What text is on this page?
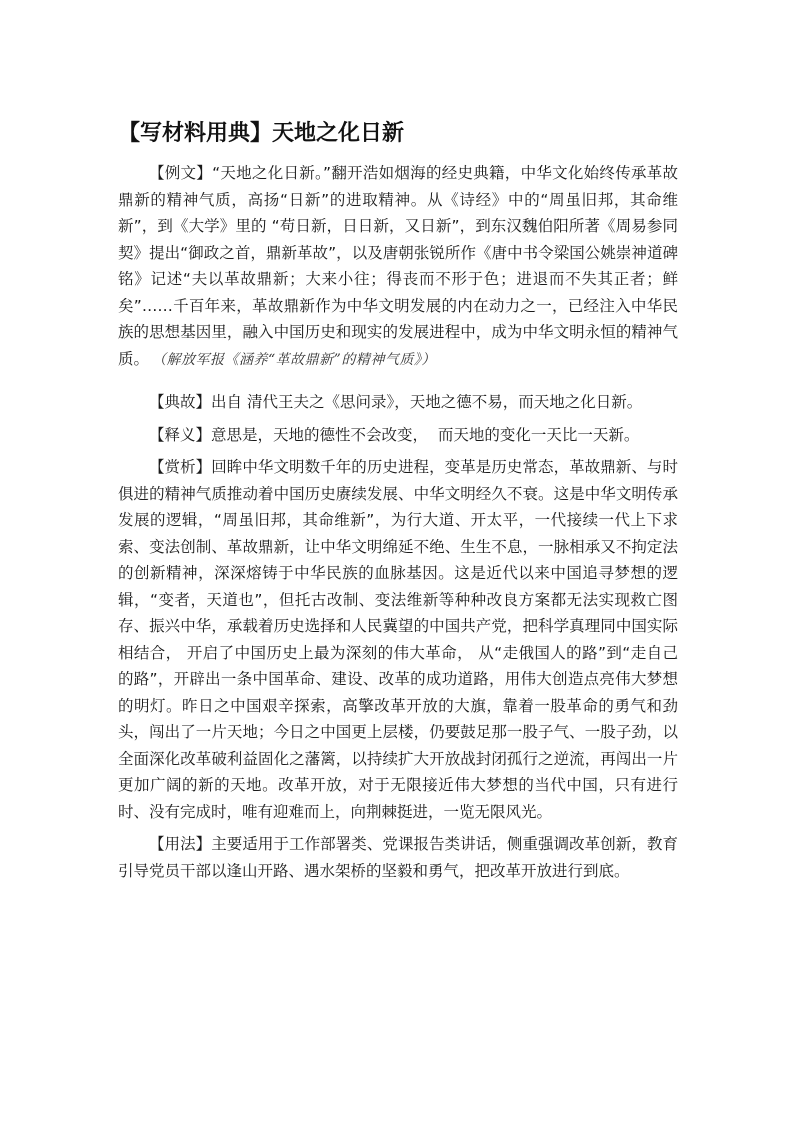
【写材料用典】天地之化日新

【例文】“天地之化日新。”翻开浩如烟海的经史典籍，中华文化始终传承革故鼎新的精神气质，高扬“日新”的进取精神。从《诗经》中的“周虽旧邦，其命维新”，到《大学》里的 “苟日新，日日新，又日新”，到东汉魏伯阳所著《周易参同契》提出“御政之首，鼎新革故”，以及唐朝张锐所作《唐中书令梁国公姚崇神道碑铭》记述“夫以革故鼎新；大来小往；得丧而不形于色；进退而不失其正者；鲜矣”……千百年来，革故鼎新作为中华文明发展的内在动力之一，已经注入中华民族的思想基因里，融入中国历史和现实的发展进程中，成为中华文明永恒的精神气质。 （解放军报《涵养“革故鼎新”的精神气质》）

【典故】出自 清代王夫之《思问录》，天地之德不易，而天地之化日新。

【释义】意思是，天地的德性不会改变，  而天地的变化一天比一天新。

【赏析】回眸中华文明数千年的历史进程，变革是历史常态，革故鼎新、与时俱进的精神气质推动着中国历史赓续发展、中华文明经久不衰。这是中华文明传承发展的逻辑，“周虽旧邦，其命维新”，为行大道、开太平，一代接续一代上下求索、变法创制、革故鼎新，让中华文明绵延不绝、生生不息，一脉相承又不拘定法的创新精神，深深熔铸于中华民族的血脉基因。这是近代以来中国追寻梦想的逻辑，“变者，天道也”，但托古改制、变法维新等种种改良方案都无法实现救亡图存、振兴中华，承载着历史选择和人民冀望的中国共产党，把科学真理同中国实际相结合， 开启了中国历史上最为深刻的伟大革命， 从“走俄国人的路”到“走自己的路”，开辟出一条中国革命、建设、改革的成功道路，用伟大创造点亮伟大梦想的明灯。昨日之中国艰辛探索，高擎改革开放的大旗，靠着一股革命的勇气和劲头，闯出了一片天地；今日之中国更上层楼，仍要鼓足那一股子气、一股子劲，以全面深化改革破利益固化之藩篱，以持续扩大开放战封闭孤行之逆流，再闯出一片更加广阔的新的天地。改革开放，对于无限接近伟大梦想的当代中国，只有进行时、没有完成时，唯有迎难而上，向荆棘挺进，一览无限风光。

【用法】主要适用于工作部署类、党课报告类讲话，侧重强调改革创新，教育引导党员干部以逢山开路、遇水架桥的坚毅和勇气，把改革开放进行到底。
